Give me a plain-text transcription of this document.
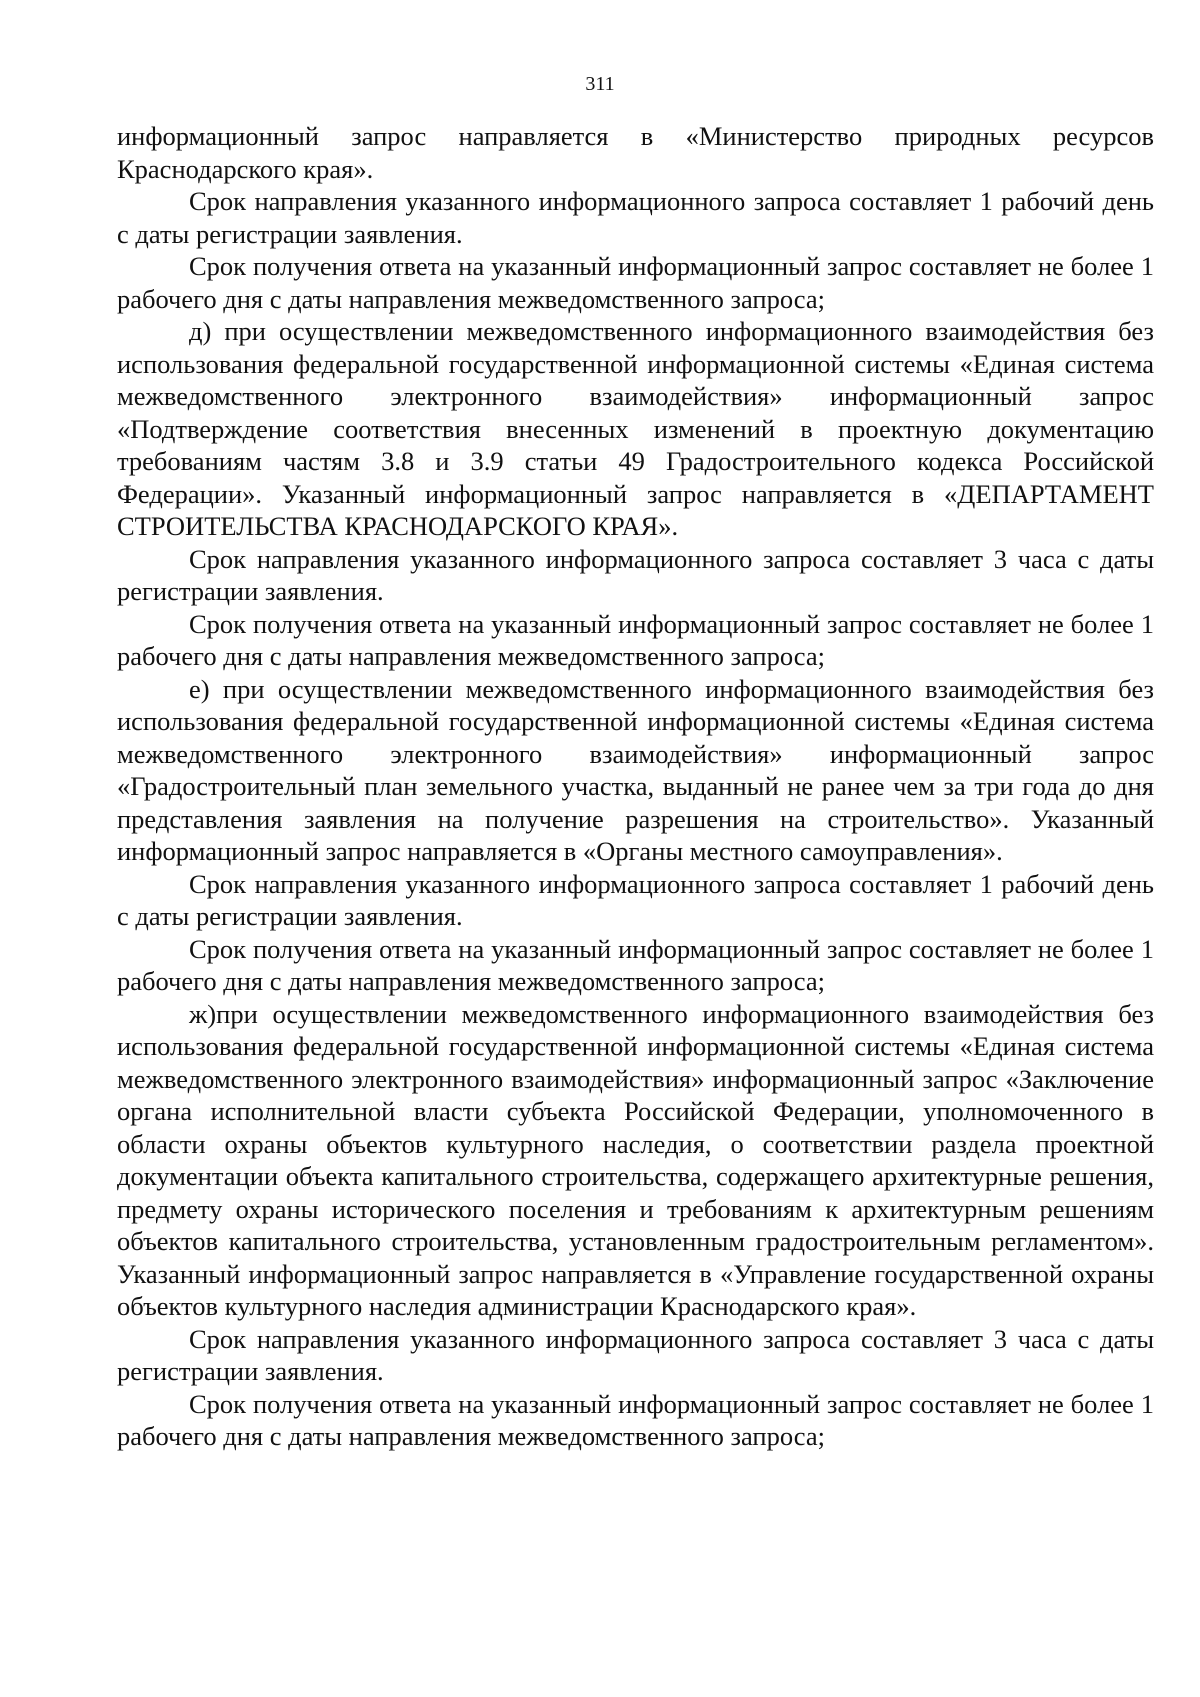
311

информационный запрос направляется в «Министерство природных ресурсов Краснодарского края».

Срок направления указанного информационного запроса составляет 1 рабочий день с даты регистрации заявления.

Срок получения ответа на указанный информационный запрос составляет не более 1 рабочего дня с даты направления межведомственного запроса;

д) при осуществлении межведомственного информационного взаимодействия без использования федеральной государственной информационной системы «Единая система межведомственного электронного взаимодействия» информационный запрос «Подтверждение соответствия внесенных изменений в проектную документацию требованиям частям 3.8 и 3.9 статьи 49 Градостроительного кодекса Российской Федерации». Указанный информационный запрос направляется в «ДЕПАРТАМЕНТ СТРОИТЕЛЬСТВА КРАСНОДАРСКОГО КРАЯ».

Срок направления указанного информационного запроса составляет 3 часа с даты регистрации заявления.

Срок получения ответа на указанный информационный запрос составляет не более 1 рабочего дня с даты направления межведомственного запроса;

е) при осуществлении межведомственного информационного взаимодействия без использования федеральной государственной информационной системы «Единая система межведомственного электронного взаимодействия» информационный запрос «Градостроительный план земельного участка, выданный не ранее чем за три года до дня представления заявления на получение разрешения на строительство». Указанный информационный запрос направляется в «Органы местного самоуправления».

Срок направления указанного информационного запроса составляет 1 рабочий день с даты регистрации заявления.

Срок получения ответа на указанный информационный запрос составляет не более 1 рабочего дня с даты направления межведомственного запроса;

ж)при осуществлении межведомственного информационного взаимодействия без использования федеральной государственной информационной системы «Единая система межведомственного электронного взаимодействия» информационный запрос «Заключение органа исполнительной власти субъекта Российской Федерации, уполномоченного в области охраны объектов культурного наследия, о соответствии раздела проектной документации объекта капитального строительства, содержащего архитектурные решения, предмету охраны исторического поселения и требованиям к архитектурным решениям объектов капитального строительства, установленным градостроительным регламентом». Указанный информационный запрос направляется в «Управление государственной охраны объектов культурного наследия администрации Краснодарского края».

Срок направления указанного информационного запроса составляет 3 часа с даты регистрации заявления.

Срок получения ответа на указанный информационный запрос составляет не более 1 рабочего дня с даты направления межведомственного запроса;
